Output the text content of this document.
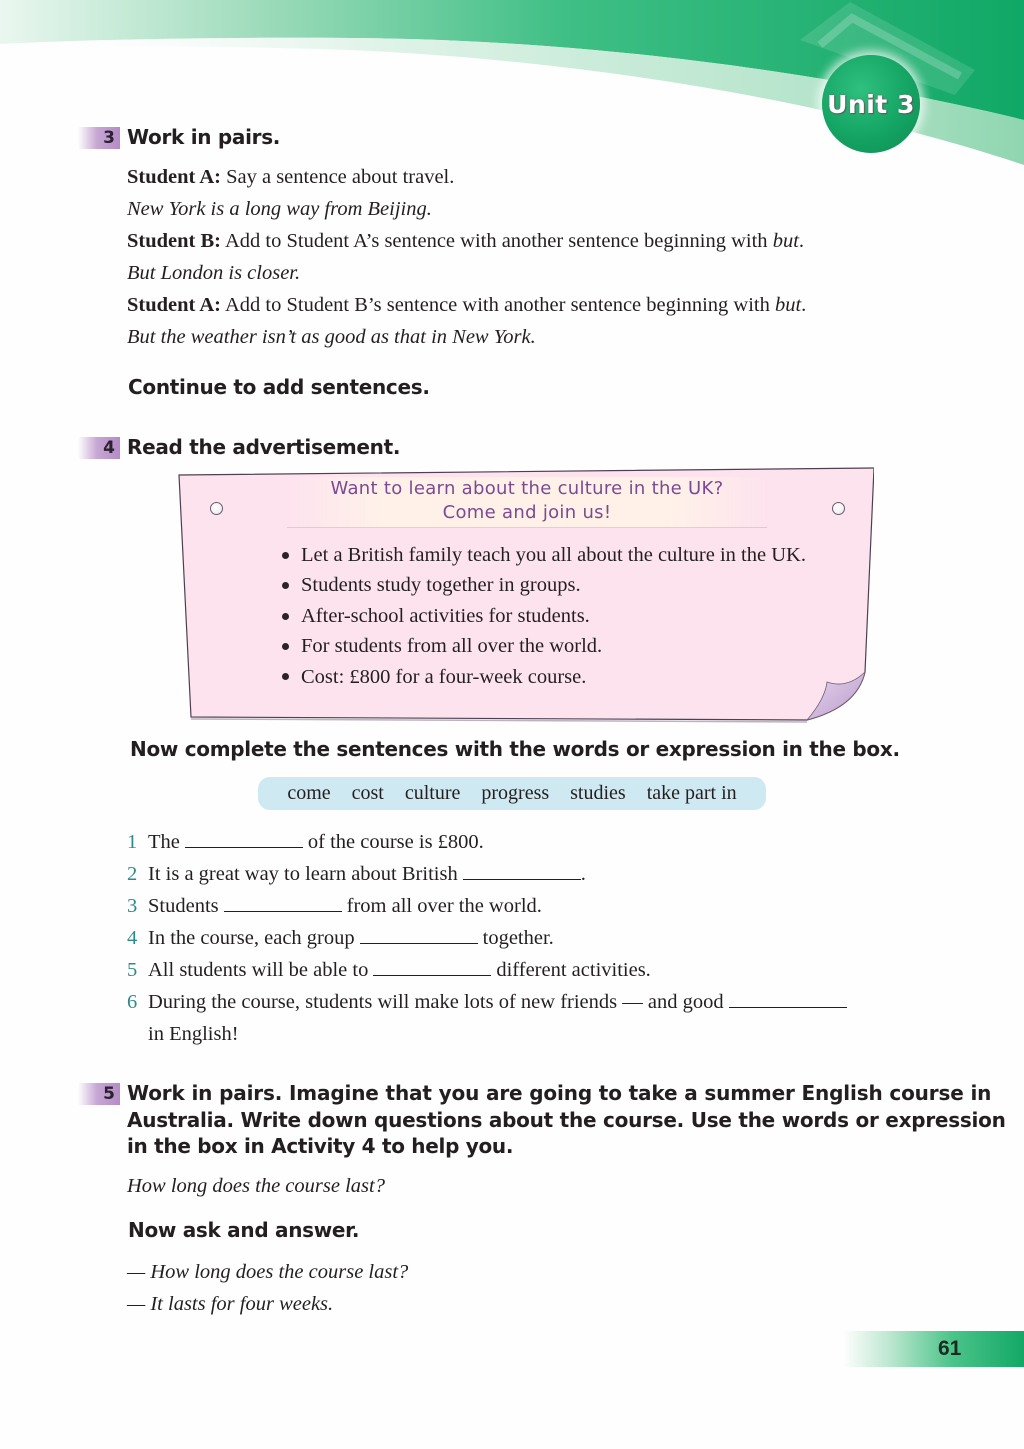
Unit 3
3 Work in pairs.
Student A: Say a sentence about travel.
New York is a long way from Beijing.
Student B: Add to Student A’s sentence with another sentence beginning with but.
But London is closer.
Student A: Add to Student B’s sentence with another sentence beginning with but.
But the weather isn’t as good as that in New York.
Continue to add sentences.
4 Read the advertisement.
Want to learn about the culture in the UK?
Come and join us!
Let a British family teach you all about the culture in the UK.
Students study together in groups.
After-school activities for students.
For students from all over the world.
Cost: £800 for a four-week course.
Now complete the sentences with the words or expression in the box.
come cost culture progress studies take part in
1 The	of the course is £800.
2 It is a great way to learn about British	.
3 Students	from all over the world.
4 In the course, each group	together.
5 All students will be able to	different activities.
6 During the course, students will make lots of new friends — and good
in English!
5 Work in pairs. Imagine that you are going to take a summer English course in
Australia. Write down questions about the course. Use the words or expression
in the box in Activity 4 to help you.
How long does the course last?
Now ask and answer.
— How long does the course last?
— It lasts for four weeks.
61
